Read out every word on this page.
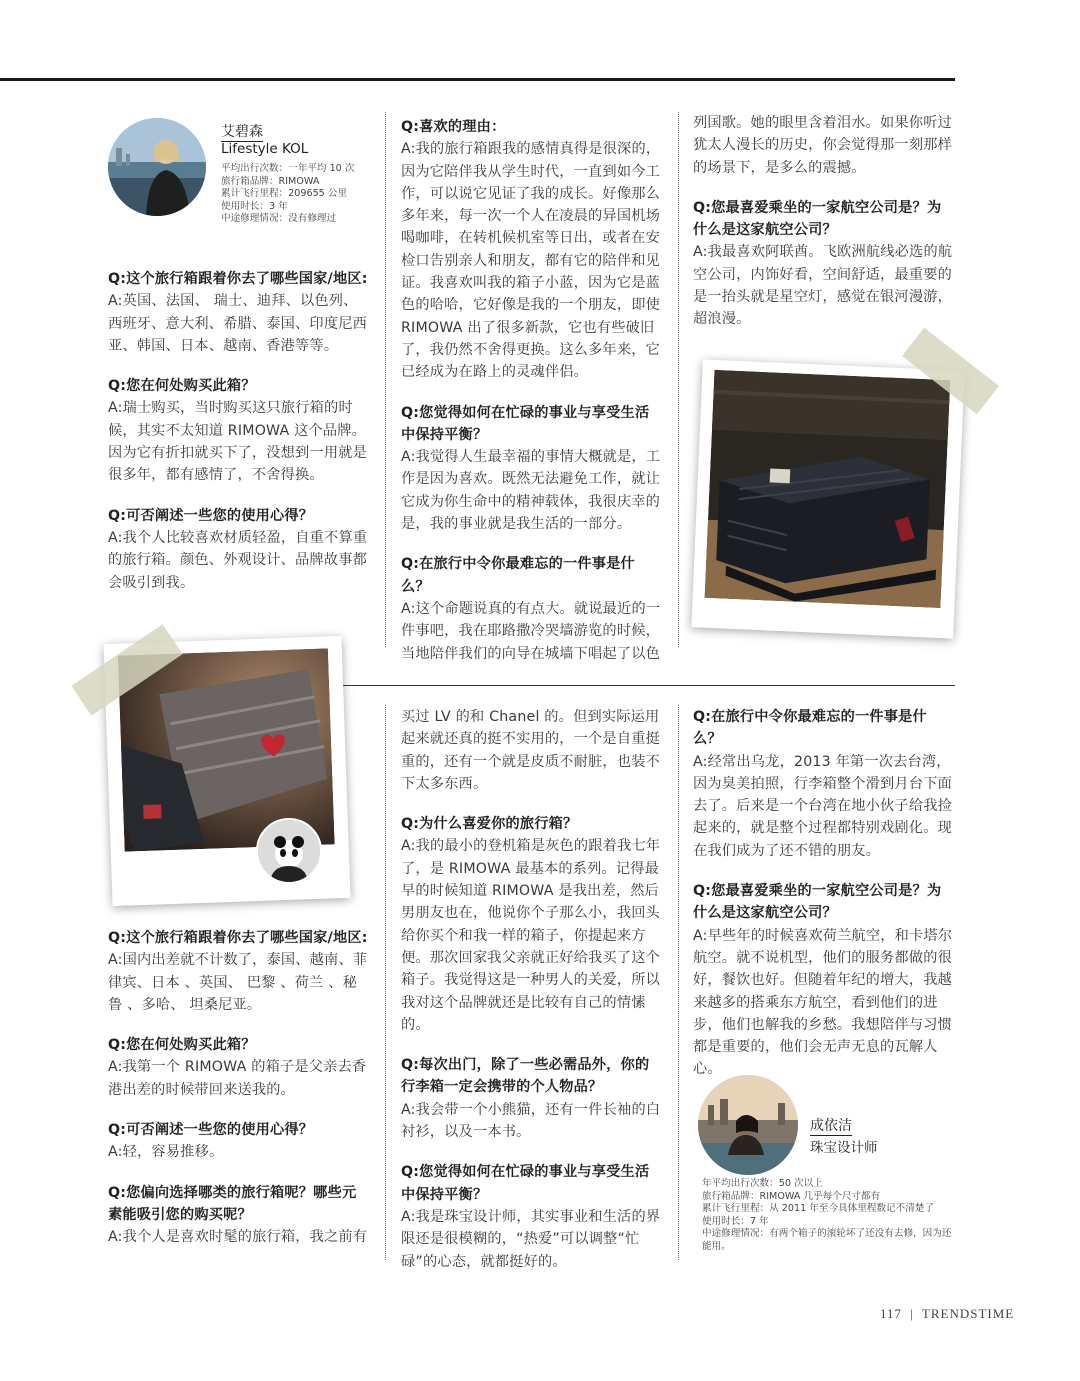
艾碧森
Lifestyle KOL
平均出行次数：一年平均 10 次
旅行箱品牌：RIMOWA
累计飞行里程：209655 公里
使用时长：3 年
中途修理情况：没有修理过

Q:这个旅行箱跟着你去了哪些国家/地区:
A:英国、法国、 瑞士、迪拜、以色列、西班牙、意大利、希腊、泰国、印度尼西亚、韩国、日本、越南、香港等等。

Q:您在何处购买此箱？
A:瑞士购买，当时购买这只旅行箱的时候，其实不太知道 RIMOWA 这个品牌。因为它有折扣就买下了，没想到一用就是很多年，都有感情了，不舍得换。

Q:可否阐述一些您的使用心得？
A:我个人比较喜欢材质轻盈，自重不算重的旅行箱。颜色、外观设计、品牌故事都会吸引到我。

Q:喜欢的理由：
A:我的旅行箱跟我的感情真得是很深的，因为它陪伴我从学生时代，一直到如今工作，可以说它见证了我的成长。好像那么多年来，每一次一个人在凌晨的异国机场喝咖啡，在转机候机室等日出，或者在安检口告别亲人和朋友，都有它的陪伴和见证。我喜欢叫我的箱子小蓝，因为它是蓝色的哈哈，它好像是我的一个朋友，即使 RIMOWA 出了很多新款，它也有些破旧了，我仍然不舍得更换。这么多年来，它已经成为在路上的灵魂伴侣。

Q:您觉得如何在忙碌的事业与享受生活中保持平衡？
A:我觉得人生最幸福的事情大概就是，工作是因为喜欢。既然无法避免工作，就让它成为你生命中的精神载体，我很庆幸的是，我的事业就是我生活的一部分。

Q:在旅行中令你最难忘的一件事是什么？
A:这个命题说真的有点大。就说最近的一件事吧，我在耶路撒冷哭墙游览的时候，当地陪伴我们的向导在城墙下唱起了以色

列国歌。她的眼里含着泪水。如果你听过犹太人漫长的历史，你会觉得那一刻那样的场景下，是多么的震撼。

Q:您最喜爱乘坐的一家航空公司是？为什么是这家航空公司？
A:我最喜欢阿联酋。飞欧洲航线必选的航空公司，内饰好看，空间舒适，最重要的是一抬头就是星空灯，感觉在银河漫游，超浪漫。

Q:这个旅行箱跟着你去了哪些国家/地区:
A:国内出差就不计数了，泰国、越南、菲律宾、日本 、英国、 巴黎 、荷兰 、秘鲁 、多哈、 坦桑尼亚。

Q:您在何处购买此箱？
A:我第一个 RIMOWA 的箱子是父亲去香港出差的时候带回来送我的。

Q:可否阐述一些您的使用心得？
A:轻，容易推移。

Q:您偏向选择哪类的旅行箱呢？哪些元素能吸引您的购买呢？
A:我个人是喜欢时髦的旅行箱，我之前有

买过 LV 的和 Chanel 的。但到实际运用起来就还真的挺不实用的，一个是自重挺重的，还有一个就是皮质不耐脏，也装不下太多东西。

Q:为什么喜爱你的旅行箱？
A:我的最小的登机箱是灰色的跟着我七年了，是 RIMOWA 最基本的系列。记得最早的时候知道 RIMOWA 是我出差，然后男朋友也在，他说你个子那么小，我回头给你买个和我一样的箱子，你提起来方便。那次回家我父亲就正好给我买了这个箱子。我觉得这是一种男人的关爱，所以我对这个品牌就还是比较有自己的情愫的。

Q:每次出门，除了一些必需品外，你的行李箱一定会携带的个人物品？
A:我会带一个小熊猫，还有一件长袖的白衬衫，以及一本书。

Q:您觉得如何在忙碌的事业与享受生活中保持平衡？
A:我是珠宝设计师，其实事业和生活的界限还是很模糊的，“热爱”可以调整“忙碌”的心态，就都挺好的。

Q:在旅行中令你最难忘的一件事是什么？
A:经常出乌龙，2013 年第一次去台湾，因为臭美拍照，行李箱整个滑到月台下面去了。后来是一个台湾在地小伙子给我捡起来的，就是整个过程都特别戏剧化。现在我们成为了还不错的朋友。

Q:您最喜爱乘坐的一家航空公司是？为什么是这家航空公司？
A:早些年的时候喜欢荷兰航空，和卡塔尔航空。就不说机型，他们的服务都做的很好，餐饮也好。但随着年纪的增大，我越来越多的搭乘东方航空，看到他们的进步，他们也解我的乡愁。我想陪伴与习惯都是重要的，他们会无声无息的瓦解人心。

成依洁
珠宝设计师
年平均出行次数：50 次以上
旅行箱品牌：RIMOWA 几乎每个尺寸都有
累计飞行里程：从 2011 年至今具体里程数记不清楚了
使用时长：7 年
中途修理情况：有两个箱子的滚轮坏了还没有去修，因为还能用。
117 | TRENDSTIME
